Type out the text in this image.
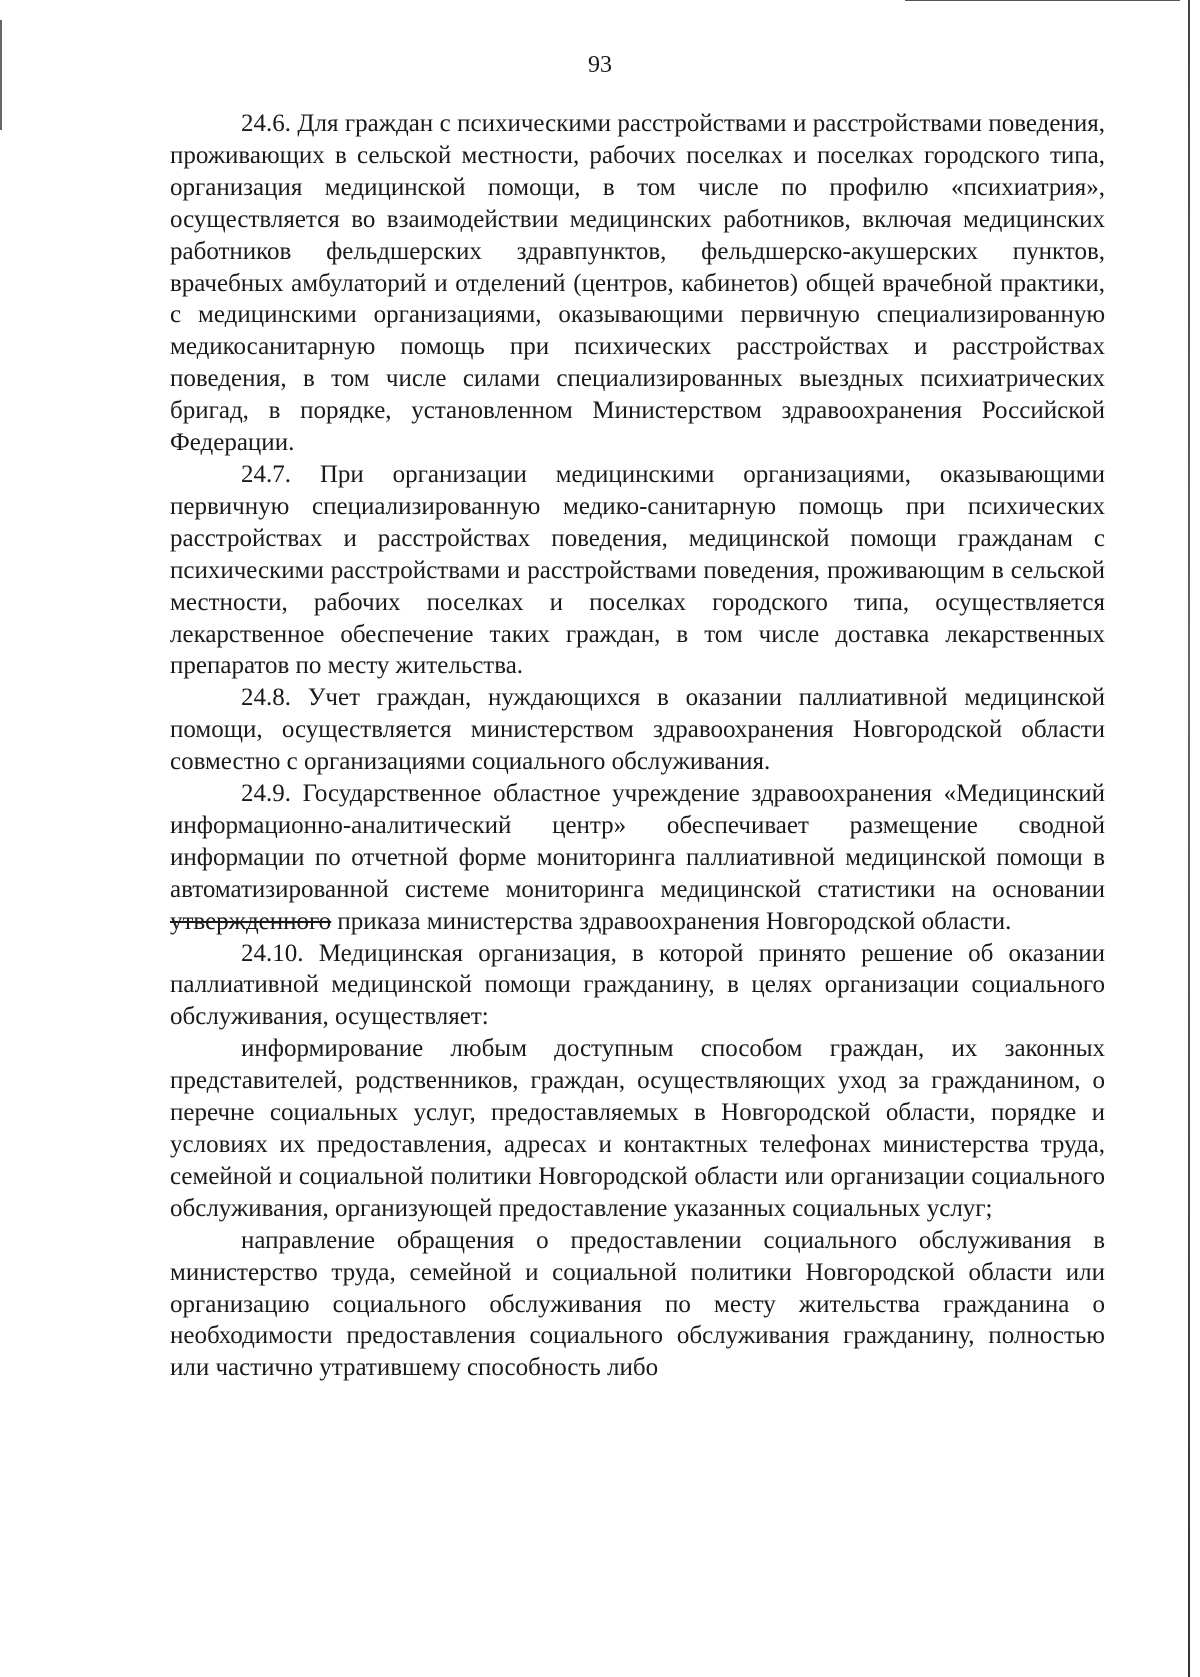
93

24.6. Для граждан с психическими расстройствами и расстройствами поведения, проживающих в сельской местности, рабочих поселках и поселках городского типа, организация медицинской помощи, в том числе по профилю «психиатрия», осуществляется во взаимодействии медицинских работников, включая медицинских работников фельдшерских здравпунктов, фельдшерско-акушерских пунктов, врачебных амбулаторий и отделений (центров, кабинетов) общей врачебной практики, с медицинскими организациями, оказывающими первичную специализированную медикосанитарную помощь при психических расстройствах и расстройствах поведения, в том числе силами специализированных выездных психиатрических бригад, в порядке, установленном Министерством здравоохранения Российской Федерации.

24.7. При организации медицинскими организациями, оказывающими первичную специализированную медико-санитарную помощь при психических расстройствах и расстройствах поведения, медицинской помощи гражданам с психическими расстройствами и расстройствами поведения, проживающим в сельской местности, рабочих поселках и поселках городского типа, осуществляется лекарственное обеспечение таких граждан, в том числе доставка лекарственных препаратов по месту жительства.

24.8. Учет граждан, нуждающихся в оказании паллиативной медицинской помощи, осуществляется министерством здравоохранения Новгородской области совместно с организациями социального обслуживания.

24.9. Государственное областное учреждение здравоохранения «Медицинский информационно-аналитический центр» обеспечивает размещение сводной информации по отчетной форме мониторинга паллиативной медицинской помощи в автоматизированной системе мониторинга медицинской статистики на основании утвержденного приказа министерства здравоохранения Новгородской области.

24.10. Медицинская организация, в которой принято решение об оказании паллиативной медицинской помощи гражданину, в целях организации социального обслуживания, осуществляет:

информирование любым доступным способом граждан, их законных представителей, родственников, граждан, осуществляющих уход за гражданином, о перечне социальных услуг, предоставляемых в Новгородской области, порядке и условиях их предоставления, адресах и контактных телефонах министерства труда, семейной и социальной политики Новгородской области или организации социального обслуживания, организующей предоставление указанных социальных услуг;

направление обращения о предоставлении социального обслуживания в министерство труда, семейной и социальной политики Новгородской области или организацию социального обслуживания по месту жительства гражданина о необходимости предоставления социального обслуживания гражданину, полностью или частично утратившему способность либо
